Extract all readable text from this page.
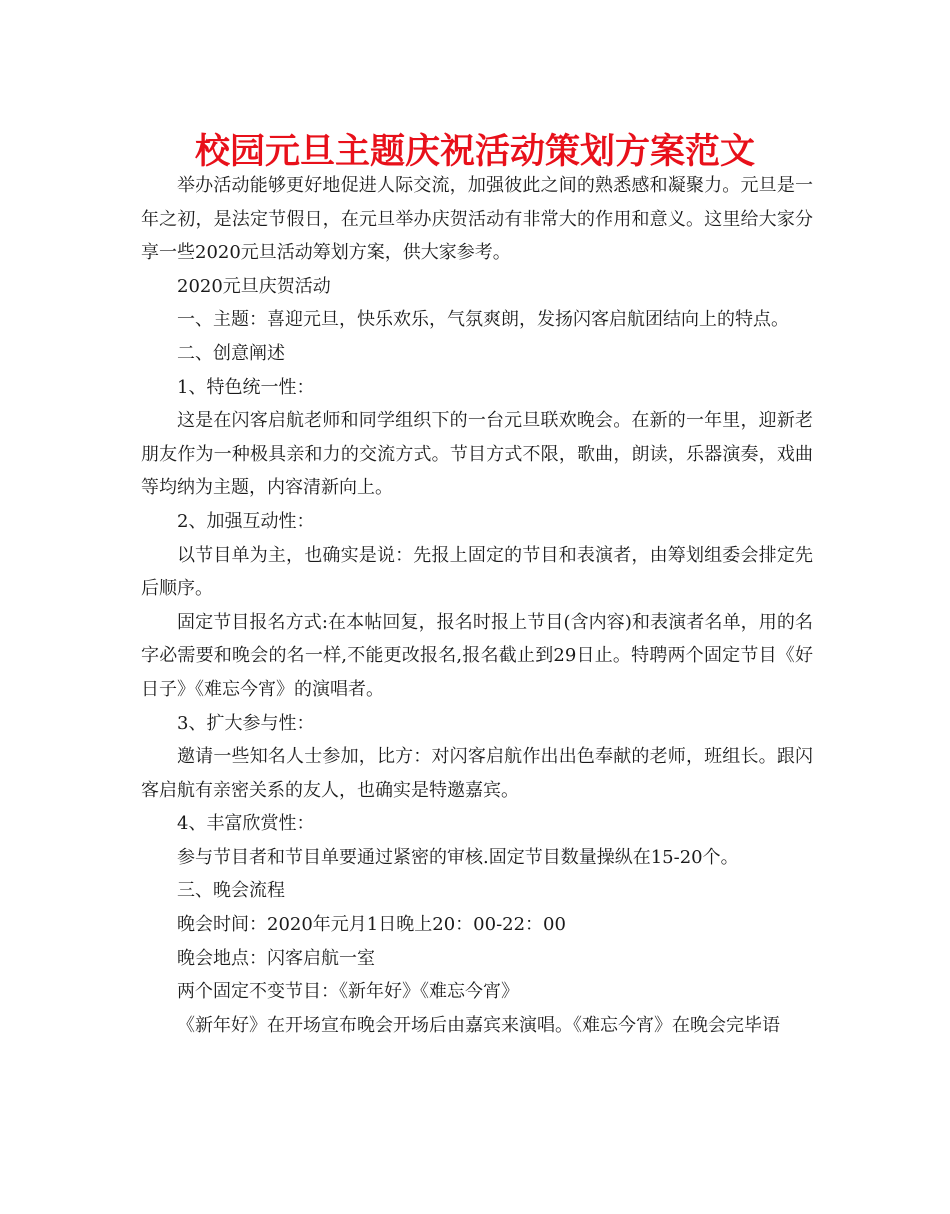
校园元旦主题庆祝活动策划方案范文

举办活动能够更好地促进人际交流，加强彼此之间的熟悉感和凝聚力。元旦是一年之初，是法定节假日，在元旦举办庆贺活动有非常大的作用和意义。这里给大家分享一些2020元旦活动筹划方案，供大家参考。

2020元旦庆贺活动

一、主题：喜迎元旦，快乐欢乐，气氛爽朗，发扬闪客启航团结向上的特点。

二、创意阐述

1、特色统一性：

这是在闪客启航老师和同学组织下的一台元旦联欢晚会。在新的一年里，迎新老朋友作为一种极具亲和力的交流方式。节目方式不限，歌曲，朗读，乐器演奏，戏曲等均纳为主题，内容清新向上。

2、加强互动性：

以节目单为主，也确实是说：先报上固定的节目和表演者，由筹划组委会排定先后顺序。

固定节目报名方式:在本帖回复，报名时报上节目(含内容)和表演者名单，用的名字必需要和晚会的名一样,不能更改报名,报名截止到29日止。特聘两个固定节目《好日子》《难忘今宵》的演唱者。

3、扩大参与性：

邀请一些知名人士参加，比方：对闪客启航作出出色奉献的老师，班组长。跟闪客启航有亲密关系的友人，也确实是特邀嘉宾。

4、丰富欣赏性：

参与节目者和节目单要通过紧密的审核.固定节目数量操纵在15-20个。

三、晚会流程

晚会时间：2020年元月1日晚上20：00-22：00

晚会地点：闪客启航一室

两个固定不变节目：《新年好》《难忘今宵》

《新年好》在开场宣布晚会开场后由嘉宾来演唱。《难忘今宵》在晚会完毕语
